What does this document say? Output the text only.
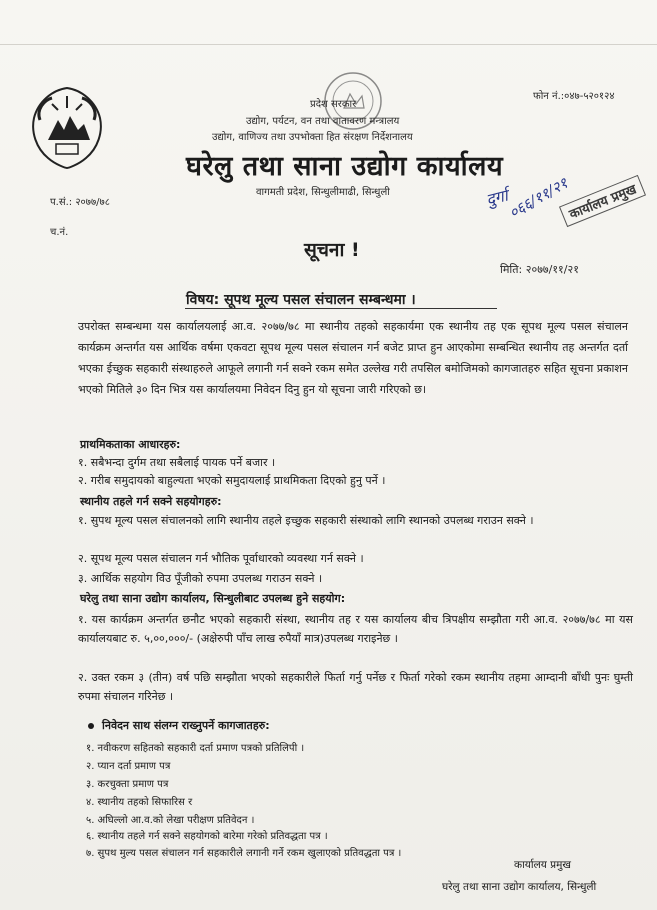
फोन नं.:०४७-५२०१२४
प्रदेश सरकार
उद्योग, पर्यटन, वन तथा वातावरण मन्त्रालय
उद्योग, वाणिज्य तथा उपभोक्ता हित संरक्षण निर्देशनालय
घरेलु तथा साना उद्योग कार्यालय
वागमती प्रदेश, सिन्धुलीमाढी, सिन्धुली
प.सं.: २०७७/७८
च.नं.
दुर्गा
०६६/११/२१
कार्यालय प्रमुख
सूचना !
मिति: २०७७/११/२१
विषय: सूपथ मूल्य पसल संचालन सम्बन्धमा ।
उपरोक्त सम्बन्धमा यस कार्यालयलाई आ.व. २०७७/७८ मा स्थानीय तहको सहकार्यमा एक स्थानीय तह एक सूपथ मूल्य पसल संचालन कार्यक्रम अन्तर्गत यस आर्थिक वर्षमा एकवटा सूपथ मूल्य पसल संचालन गर्न बजेट प्राप्त हुन आएकोमा सम्बन्धित स्थानीय तह अन्तर्गत दर्ता भएका ईच्छुक सहकारी संस्थाहरुले आफूले लगानी गर्न सक्ने रकम समेत उल्लेख गरी तपसिल बमोजिमको कागजातहरु सहित सूचना प्रकाशन भएको मितिले ३० दिन भित्र यस कार्यालयमा निवेदन दिनु हुन यो सूचना जारी गरिएको छ।
प्राथमिकताका आधारहरु:
१. सबैभन्दा दुर्गम तथा सबैलाई पायक पर्ने बजार ।
२. गरीब समुदायको बाहुल्यता भएको समुदायलाई प्राथमिकता दिएको हुनु पर्ने ।
स्थानीय तहले गर्न सक्ने सहयोगहरु:
१. सुपथ मूल्य पसल संचालनको लागि स्थानीय तहले इच्छुक सहकारी संस्थाको लागि स्थानको उपलब्ध गराउन सक्ने ।
२. सूपथ मूल्य पसल संचालन गर्न भौतिक पूर्वाधारको व्यवस्था गर्न सक्ने ।
३. आर्थिक सहयोग विउ पूँजीको रुपमा उपलब्ध गराउन सक्ने ।
घरेलु तथा साना उद्योग कार्यालय, सिन्धुलीबाट उपलब्ध हुने सहयोग:
१. यस कार्यक्रम अन्तर्गत छनौट भएको सहकारी संस्था, स्थानीय तह र यस कार्यालय बीच त्रिपक्षीय सम्झौता गरी आ.व. २०७७/७८ मा यस कार्यालयबाट रु. ५,००,०००/- (अक्षेरुपी पाँच लाख रुपैयाँ मात्र)उपलब्ध गराइनेछ ।
२. उक्त रकम ३ (तीन) वर्ष पछि सम्झौता भएको सहकारीले फिर्ता गर्नु पर्नेछ र फिर्ता गरेको रकम स्थानीय तहमा आम्दानी बाँधी पुनः घुम्ती रुपमा संचालन गरिनेछ ।
निवेदन साथ संलग्न राख्नुपर्ने कागजातहरु:
१. नवीकरण सहितको सहकारी दर्ता प्रमाण पत्रको प्रतिलिपी ।
२. प्यान दर्ता प्रमाण पत्र
३. करचुक्ता प्रमाण पत्र
४. स्थानीय तहको सिफारिस र
५. अघिल्लो आ.व.को लेखा परीक्षण प्रतिवेदन ।
६. स्थानीय तहले गर्न सक्ने सहयोगको बारेमा गरेको प्रतिवद्धता पत्र ।
७. सुपथ मुल्य पसल संचालन गर्न सहकारीले लगानी गर्ने रकम खुलाएको प्रतिवद्धता पत्र ।
कार्यालय प्रमुख
घरेलु तथा साना उद्योग कार्यालय, सिन्धुली
